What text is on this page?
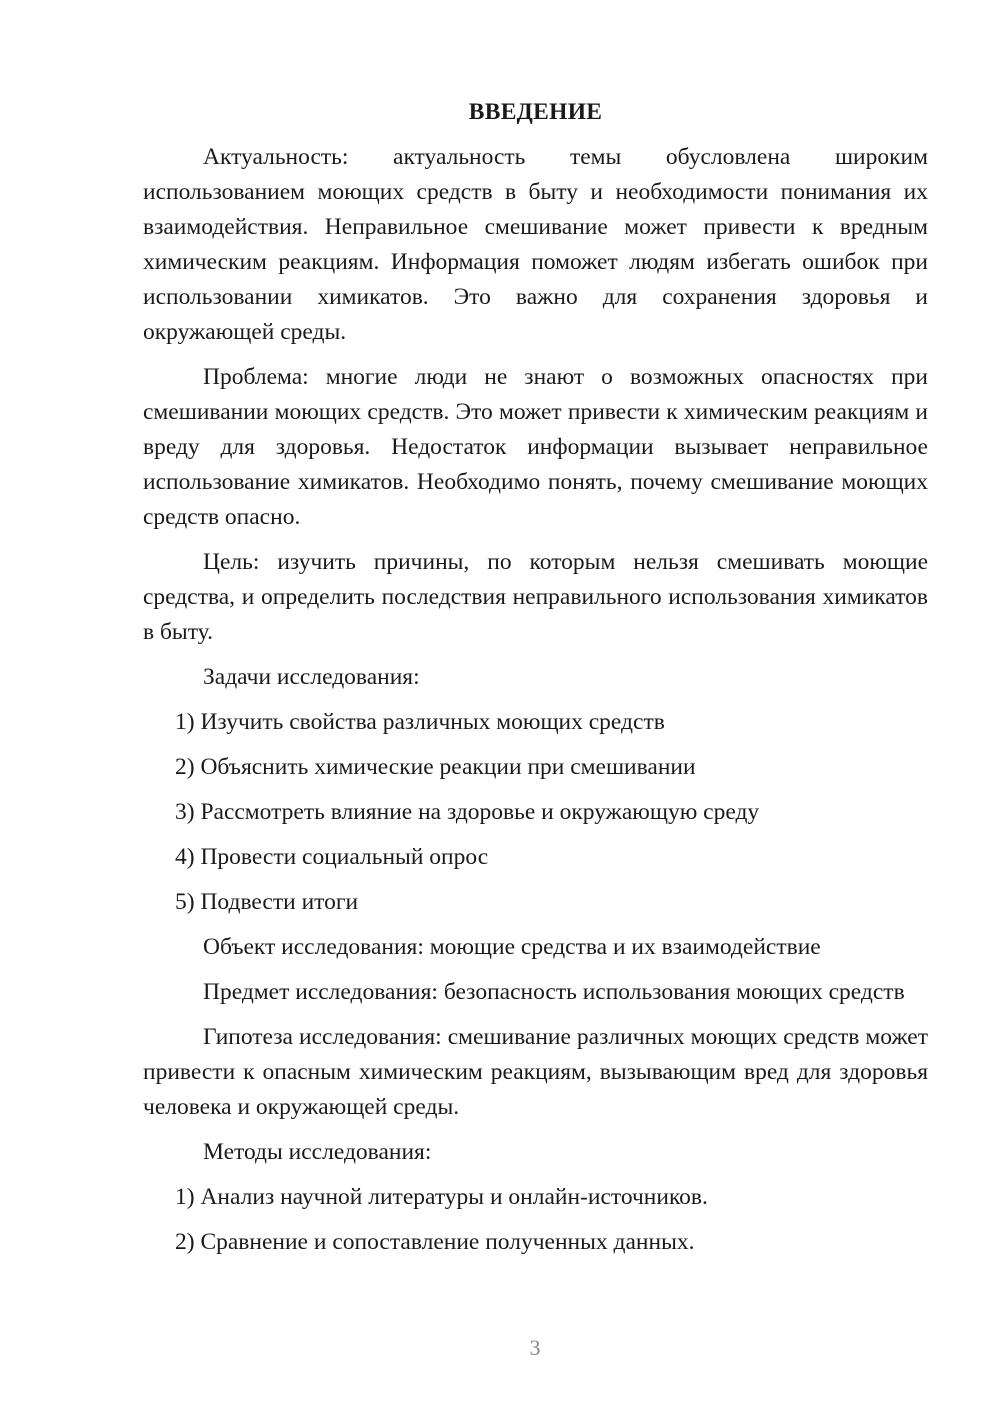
ВВЕДЕНИЕ

Актуальность: актуальность темы обусловлена широким использованием моющих средств в быту и необходимости понимания их взаимодействия. Неправильное смешивание может привести к вредным химическим реакциям. Информация поможет людям избегать ошибок при использовании химикатов. Это важно для сохранения здоровья и окружающей среды.

Проблема: многие люди не знают о возможных опасностях при смешивании моющих средств. Это может привести к химическим реакциям и вреду для здоровья. Недостаток информации вызывает неправильное использование химикатов. Необходимо понять, почему смешивание моющих средств опасно.

Цель: изучить причины, по которым нельзя смешивать моющие средства, и определить последствия неправильного использования химикатов в быту.

Задачи исследования:

1) Изучить свойства различных моющих средств
2) Объяснить химические реакции при смешивании
3) Рассмотреть влияние на здоровье и окружающую среду
4) Провести социальный опрос
5) Подвести итоги

Объект исследования: моющие средства и их взаимодействие

Предмет исследования: безопасность использования моющих средств

Гипотеза исследования: смешивание различных моющих средств может привести к опасным химическим реакциям, вызывающим вред для здоровья человека и окружающей среды.

Методы исследования:

1) Анализ научной литературы и онлайн-источников.
2) Сравнение и сопоставление полученных данных.
3
